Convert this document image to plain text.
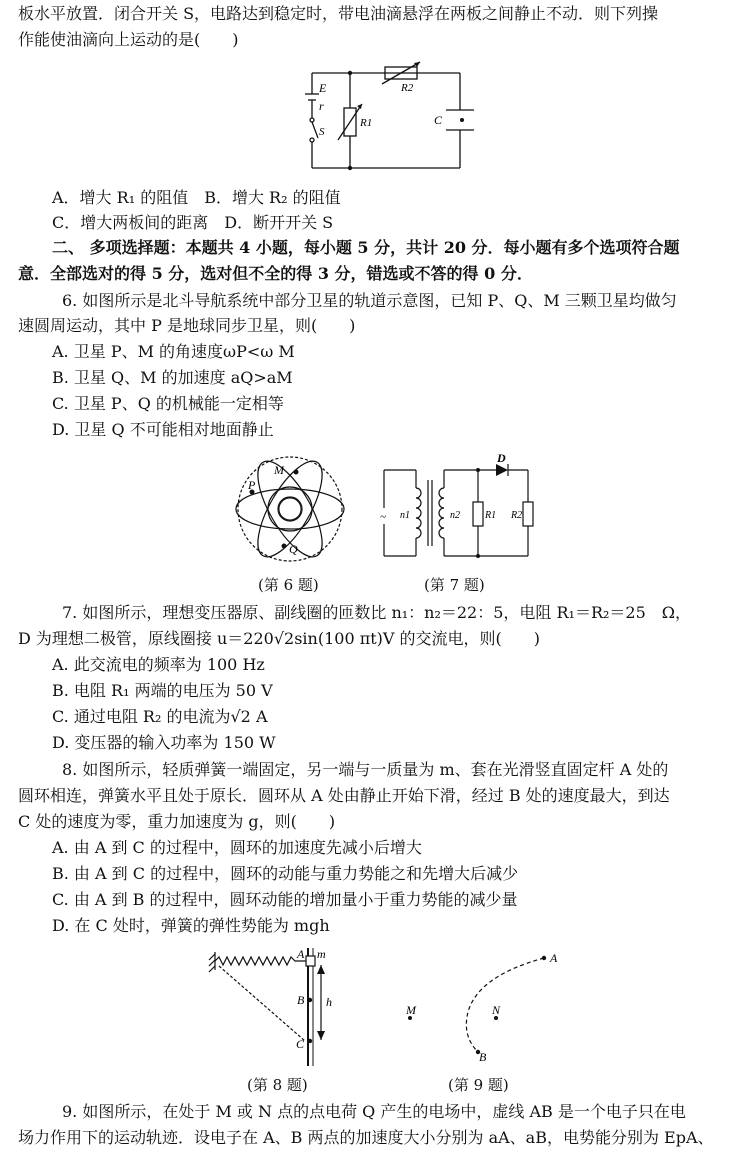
板水平放置．闭合开关 S，电路达到稳定时，带电油滴悬浮在两板之间静止不动．则下列操
作能使油滴向上运动的是(　　)
E
r
S
R1
R2
C
A．增大 R₁ 的阻值　B．增大 R₂ 的阻值
C．增大两板间的距离　D．断开开关 S
二、 多项选择题：本题共 4 小题，每小题 5 分，共计 20 分．每小题有多个选项符合题
意．全部选对的得 5 分，选对但不全的得 3 分，错选或不答的得 0 分．
6. 如图所示是北斗导航系统中部分卫星的轨道示意图，已知 P、Q、M 三颗卫星均做匀
速圆周运动，其中 P 是地球同步卫星，则(　　)
A. 卫星 P、M 的角速度ωP<ω M
B. 卫星 Q、M 的加速度 aQ>aM
C. 卫星 P、Q 的机械能一定相等
D. 卫星 Q 不可能相对地面静止
M
P
Q
~
D
n1	n2	R1 R2
(第 6 题)	(第 7 题)
7. 如图所示，理想变压器原、副线圈的匝数比 n₁：n₂＝22：5，电阻 R₁＝R₂＝25　Ω，
D 为理想二极管，原线圈接 u＝220√2sin(100 πt)V 的交流电，则(　　)
A. 此交流电的频率为 100 Hz
B. 电阻 R₁ 两端的电压为 50 V
C. 通过电阻 R₂ 的电流为√2 A
D. 变压器的输入功率为 150 W
8. 如图所示，轻质弹簧一端固定，另一端与一质量为 m、套在光滑竖直固定杆 A 处的
圆环相连，弹簧水平且处于原长．圆环从 A 处由静止开始下滑，经过 B 处的速度最大，到达
C 处的速度为零，重力加速度为 g，则(　　)
A. 由 A 到 C 的过程中，圆环的加速度先减小后增大
B. 由 A 到 C 的过程中，圆环的动能与重力势能之和先增大后减少
C. 由 A 到 B 的过程中，圆环动能的增加量小于重力势能的减少量
D. 在 C 处时，弹簧的弹性势能为 mgh
A m
B h
C
A
B
M	N
(第 8 题)	(第 9 题)
9. 如图所示，在处于 M 或 N 点的点电荷 Q 产生的电场中，虚线 AB 是一个电子只在电
场力作用下的运动轨迹．设电子在 A、B 两点的加速度大小分别为 aA、aB，电势能分别为 EpA、
